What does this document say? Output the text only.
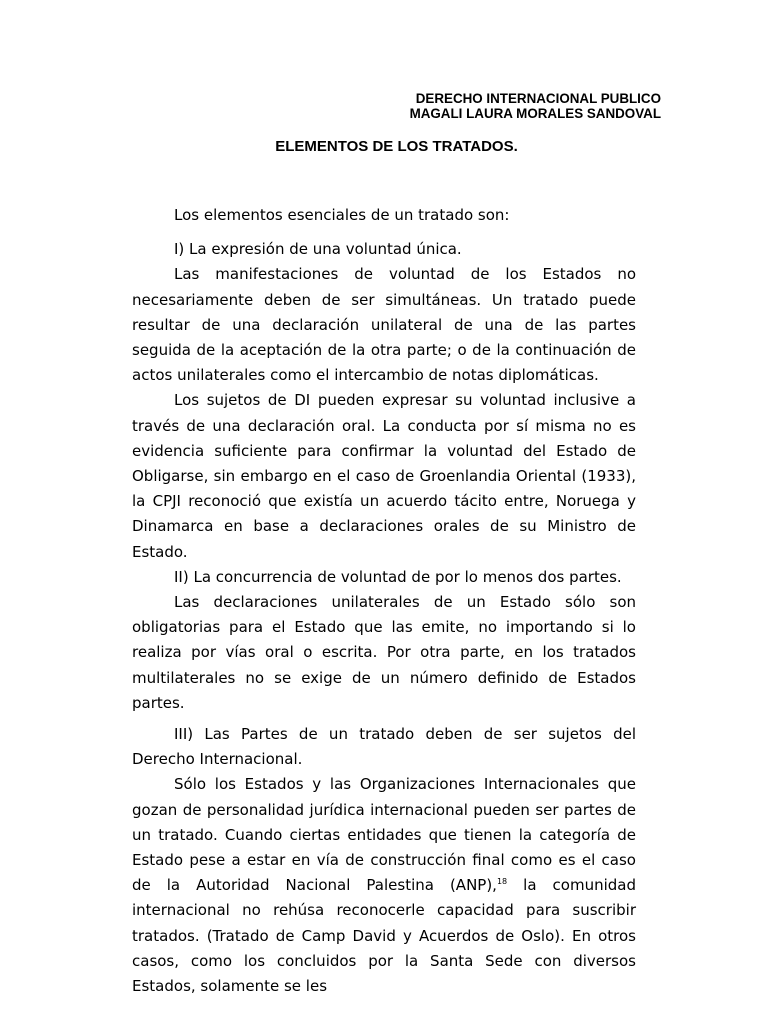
DERECHO INTERNACIONAL PUBLICO
MAGALI LAURA MORALES SANDOVAL
ELEMENTOS DE LOS TRATADOS.

Los elementos esenciales de un tratado son:

I) La expresión de una voluntad única.

Las manifestaciones de voluntad de los Estados no necesariamente deben de ser simultáneas. Un tratado puede resultar de una declaración unilateral de una de las partes seguida de la aceptación de la otra parte; o de la continuación de actos unilaterales como el intercambio de notas diplomáticas.

Los sujetos de DI pueden expresar su voluntad inclusive a través de una declaración oral. La conducta por sí misma no es evidencia suficiente para confirmar la voluntad del Estado de Obligarse, sin embargo en el caso de Groenlandia Oriental (1933), la CPJI reconoció que existía un acuerdo tácito entre, Noruega y Dinamarca en base a declaraciones orales de su Ministro de Estado.

II) La concurrencia de voluntad de por lo menos dos partes.

Las declaraciones unilaterales de un Estado sólo son obligatorias para el Estado que las emite, no importando si lo realiza por vías oral o escrita. Por otra parte, en los tratados multilaterales no se exige de un número definido de Estados partes.

III) Las Partes de un tratado deben de ser sujetos del Derecho Internacional.

Sólo los Estados y las Organizaciones Internacionales que gozan de personalidad jurídica internacional pueden ser partes de un tratado. Cuando ciertas entidades que tienen la categoría de Estado pese a estar en vía de construcción final como es el caso de la Autoridad Nacional Palestina (ANP),$^{18}$ la comunidad internacional no rehúsa reconocerle capacidad para suscribir tratados. (Tratado de Camp David y Acuerdos de Oslo). En otros casos, como los concluidos por la Santa Sede con diversos Estados, solamente se les
